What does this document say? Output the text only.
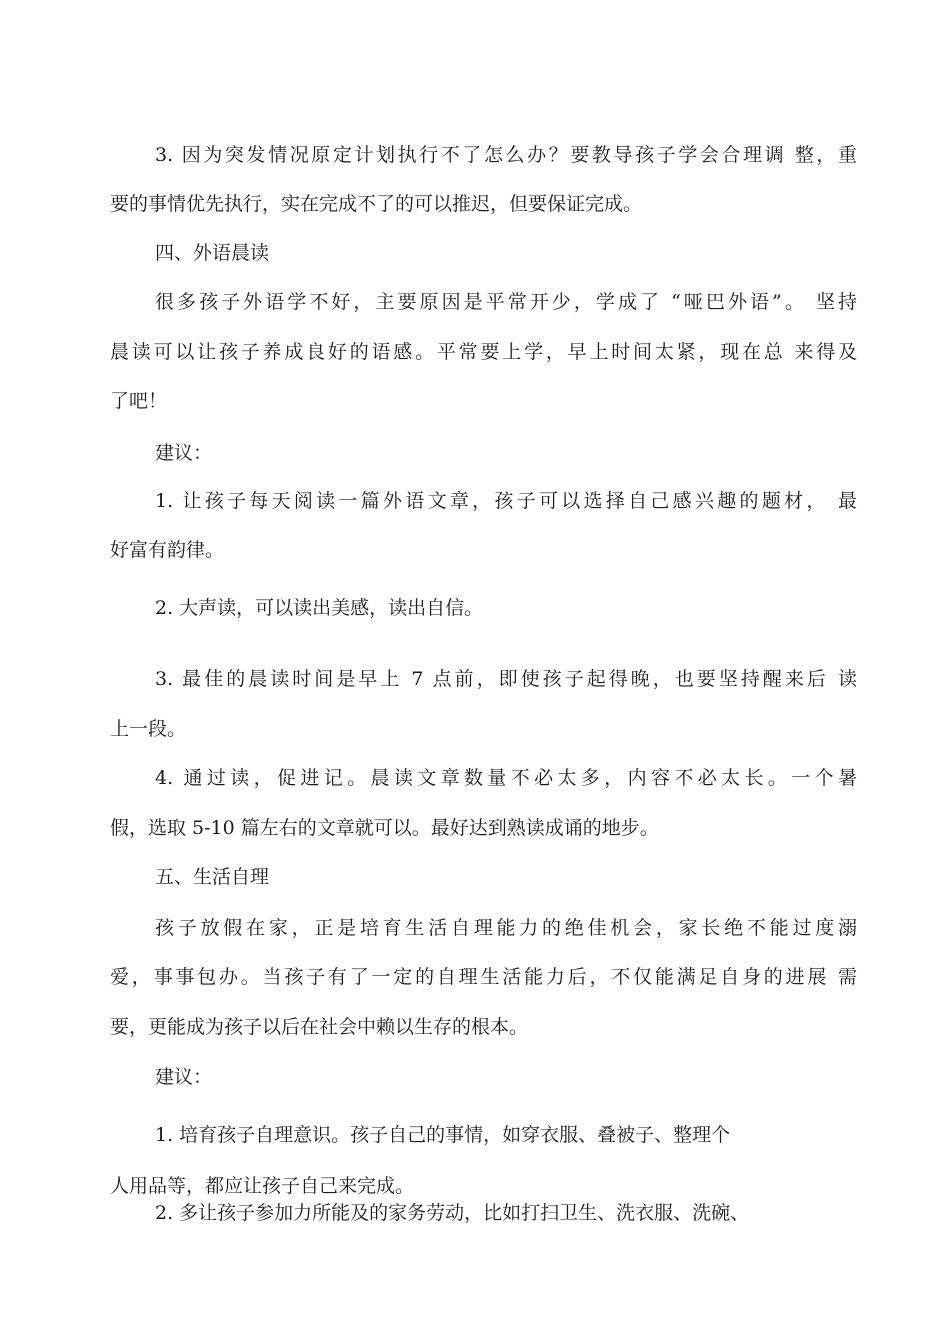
3. 因为突发情况原定计划执行不了怎么办？要教导孩子学会合理调 整，重

要的事情优先执行，实在完成不了的可以推迟，但要保证完成。

四、外语晨读

很多孩子外语学不好，主要原因是平常开少，学成了 “哑巴外语”。 坚持

晨读可以让孩子养成良好的语感。平常要上学，早上时间太紧，现在总 来得及

了吧！

建议：

1. 让孩子每天阅读一篇外语文章，孩子可以选择自己感兴趣的题材， 最

好富有韵律。

2. 大声读，可以读出美感，读出自信。

3. 最佳的晨读时间是早上 7 点前，即使孩子起得晚，也要坚持醒来后 读

上一段。

4. 通过读，促进记。晨读文章数量不必太多，内容不必太长。一个暑

假，选取 5-10 篇左右的文章就可以。最好达到熟读成诵的地步。

五、生活自理

孩子放假在家，正是培育生活自理能力的绝佳机会，家长绝不能过度溺

爱，事事包办。当孩子有了一定的自理生活能力后，不仅能满足自身的进展 需

要，更能成为孩子以后在社会中赖以生存的根本。

建议：

1. 培育孩子自理意识。孩子自己的事情，如穿衣服、叠被子、整理个

人用品等，都应让孩子自己来完成。

2. 多让孩子参加力所能及的家务劳动，比如打扫卫生、洗衣服、洗碗、
